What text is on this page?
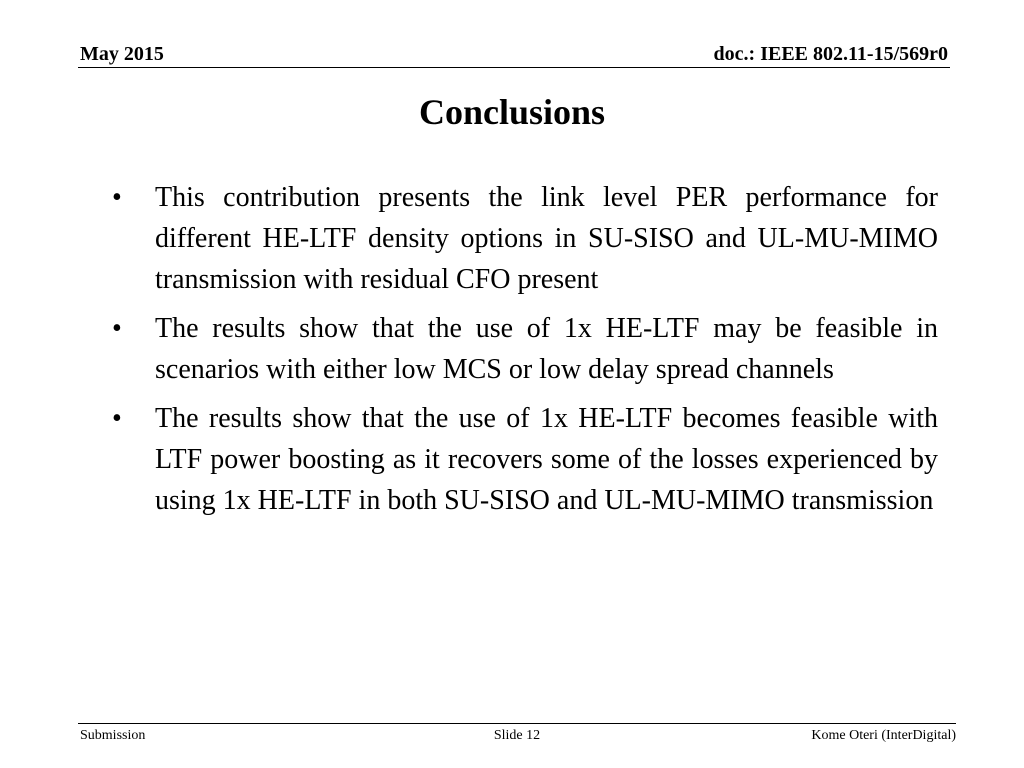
May 2015	doc.: IEEE 802.11-15/569r0
Conclusions
•	This contribution presents the link level PER performance for different HE-LTF density options in SU-SISO and UL-MU-MIMO transmission with residual CFO present
•	The results show that the use of 1x HE-LTF may be feasible in scenarios with either low MCS or low delay spread channels
•	The results show that the use of 1x HE-LTF becomes feasible with LTF power boosting as it recovers some of the losses experienced by using 1x HE-LTF in both SU-SISO and UL-MU-MIMO transmission
Submission	Slide 12	Kome Oteri (InterDigital)
